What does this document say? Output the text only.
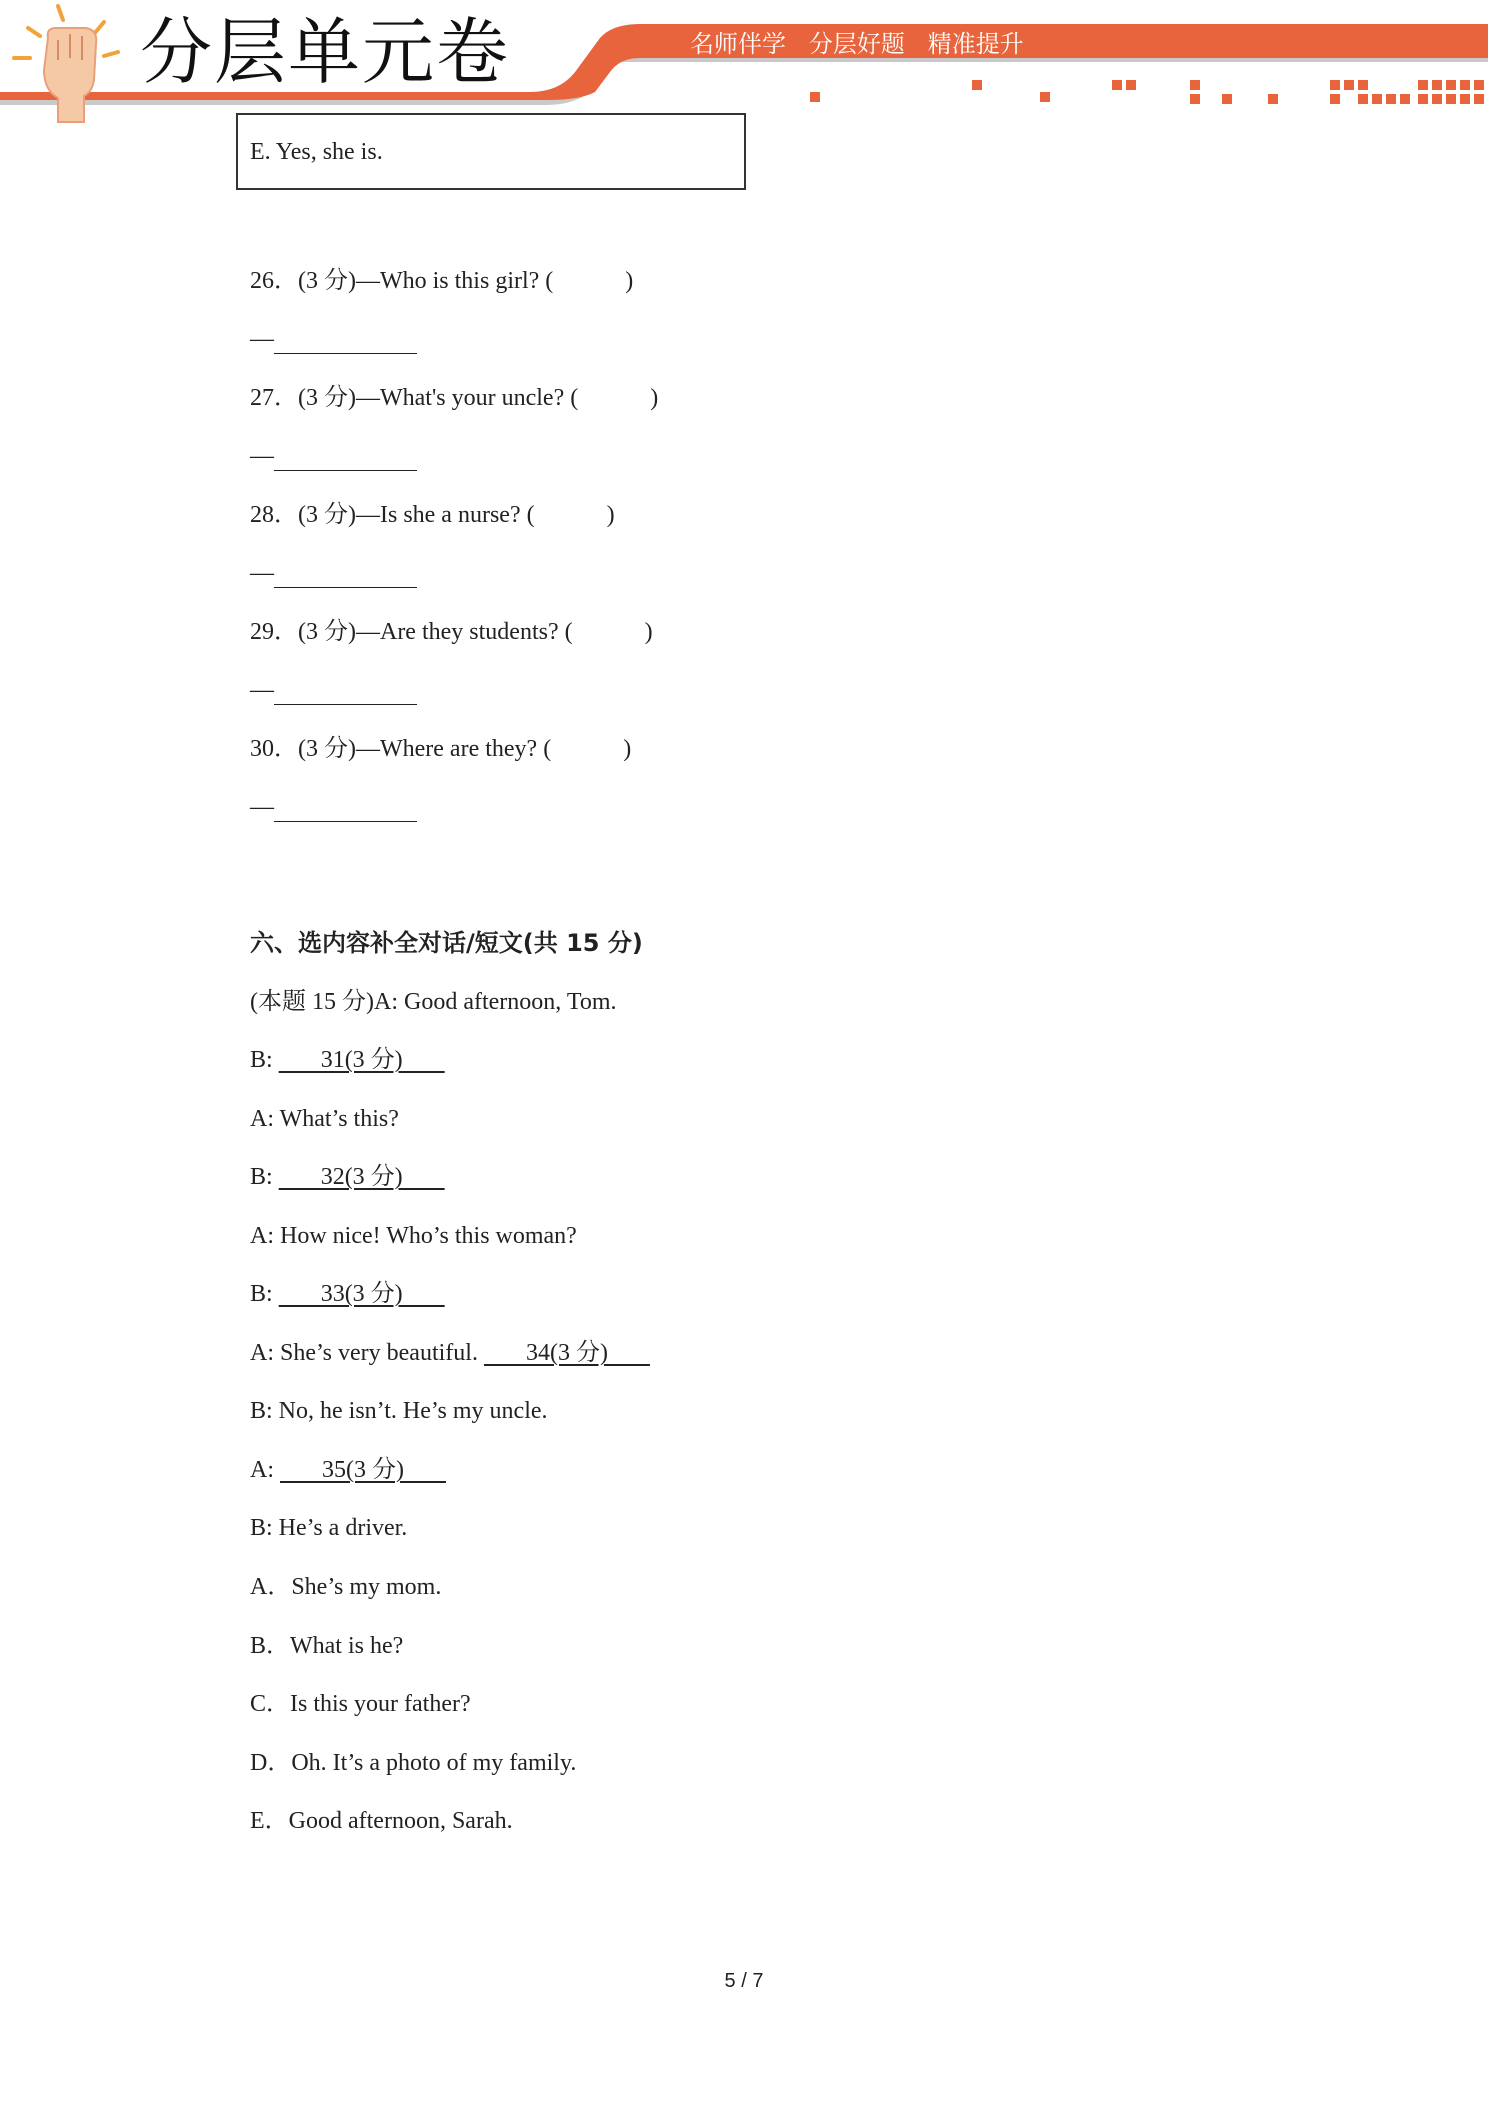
分层单元卷	名师伴学   分层好题   精准提升
E. Yes, she is.
26．(3 分)—Who is this girl? (            )
—
27．(3 分)—What's your uncle? (            )
—
28．(3 分)—Is she a nurse? (            )
—
29．(3 分)—Are they students? (            )
—
30．(3 分)—Where are they? (            )
—
六、选内容补全对话/短文(共 15 分)
(本题 15 分)A: Good afternoon, Tom.
B:        31(3 分)
A: What’s this?
B:        32(3 分)
A: How nice! Who’s this woman?
B:        33(3 分)
A: She’s very beautiful.        34(3 分)
B: No, he isn’t. He’s my uncle.
A:        35(3 分)
B: He’s a driver.
A．She’s my mom.
B．What is he?
C．Is this your father?
D．Oh. It’s a photo of my family.
E．Good afternoon, Sarah.
5 / 7
